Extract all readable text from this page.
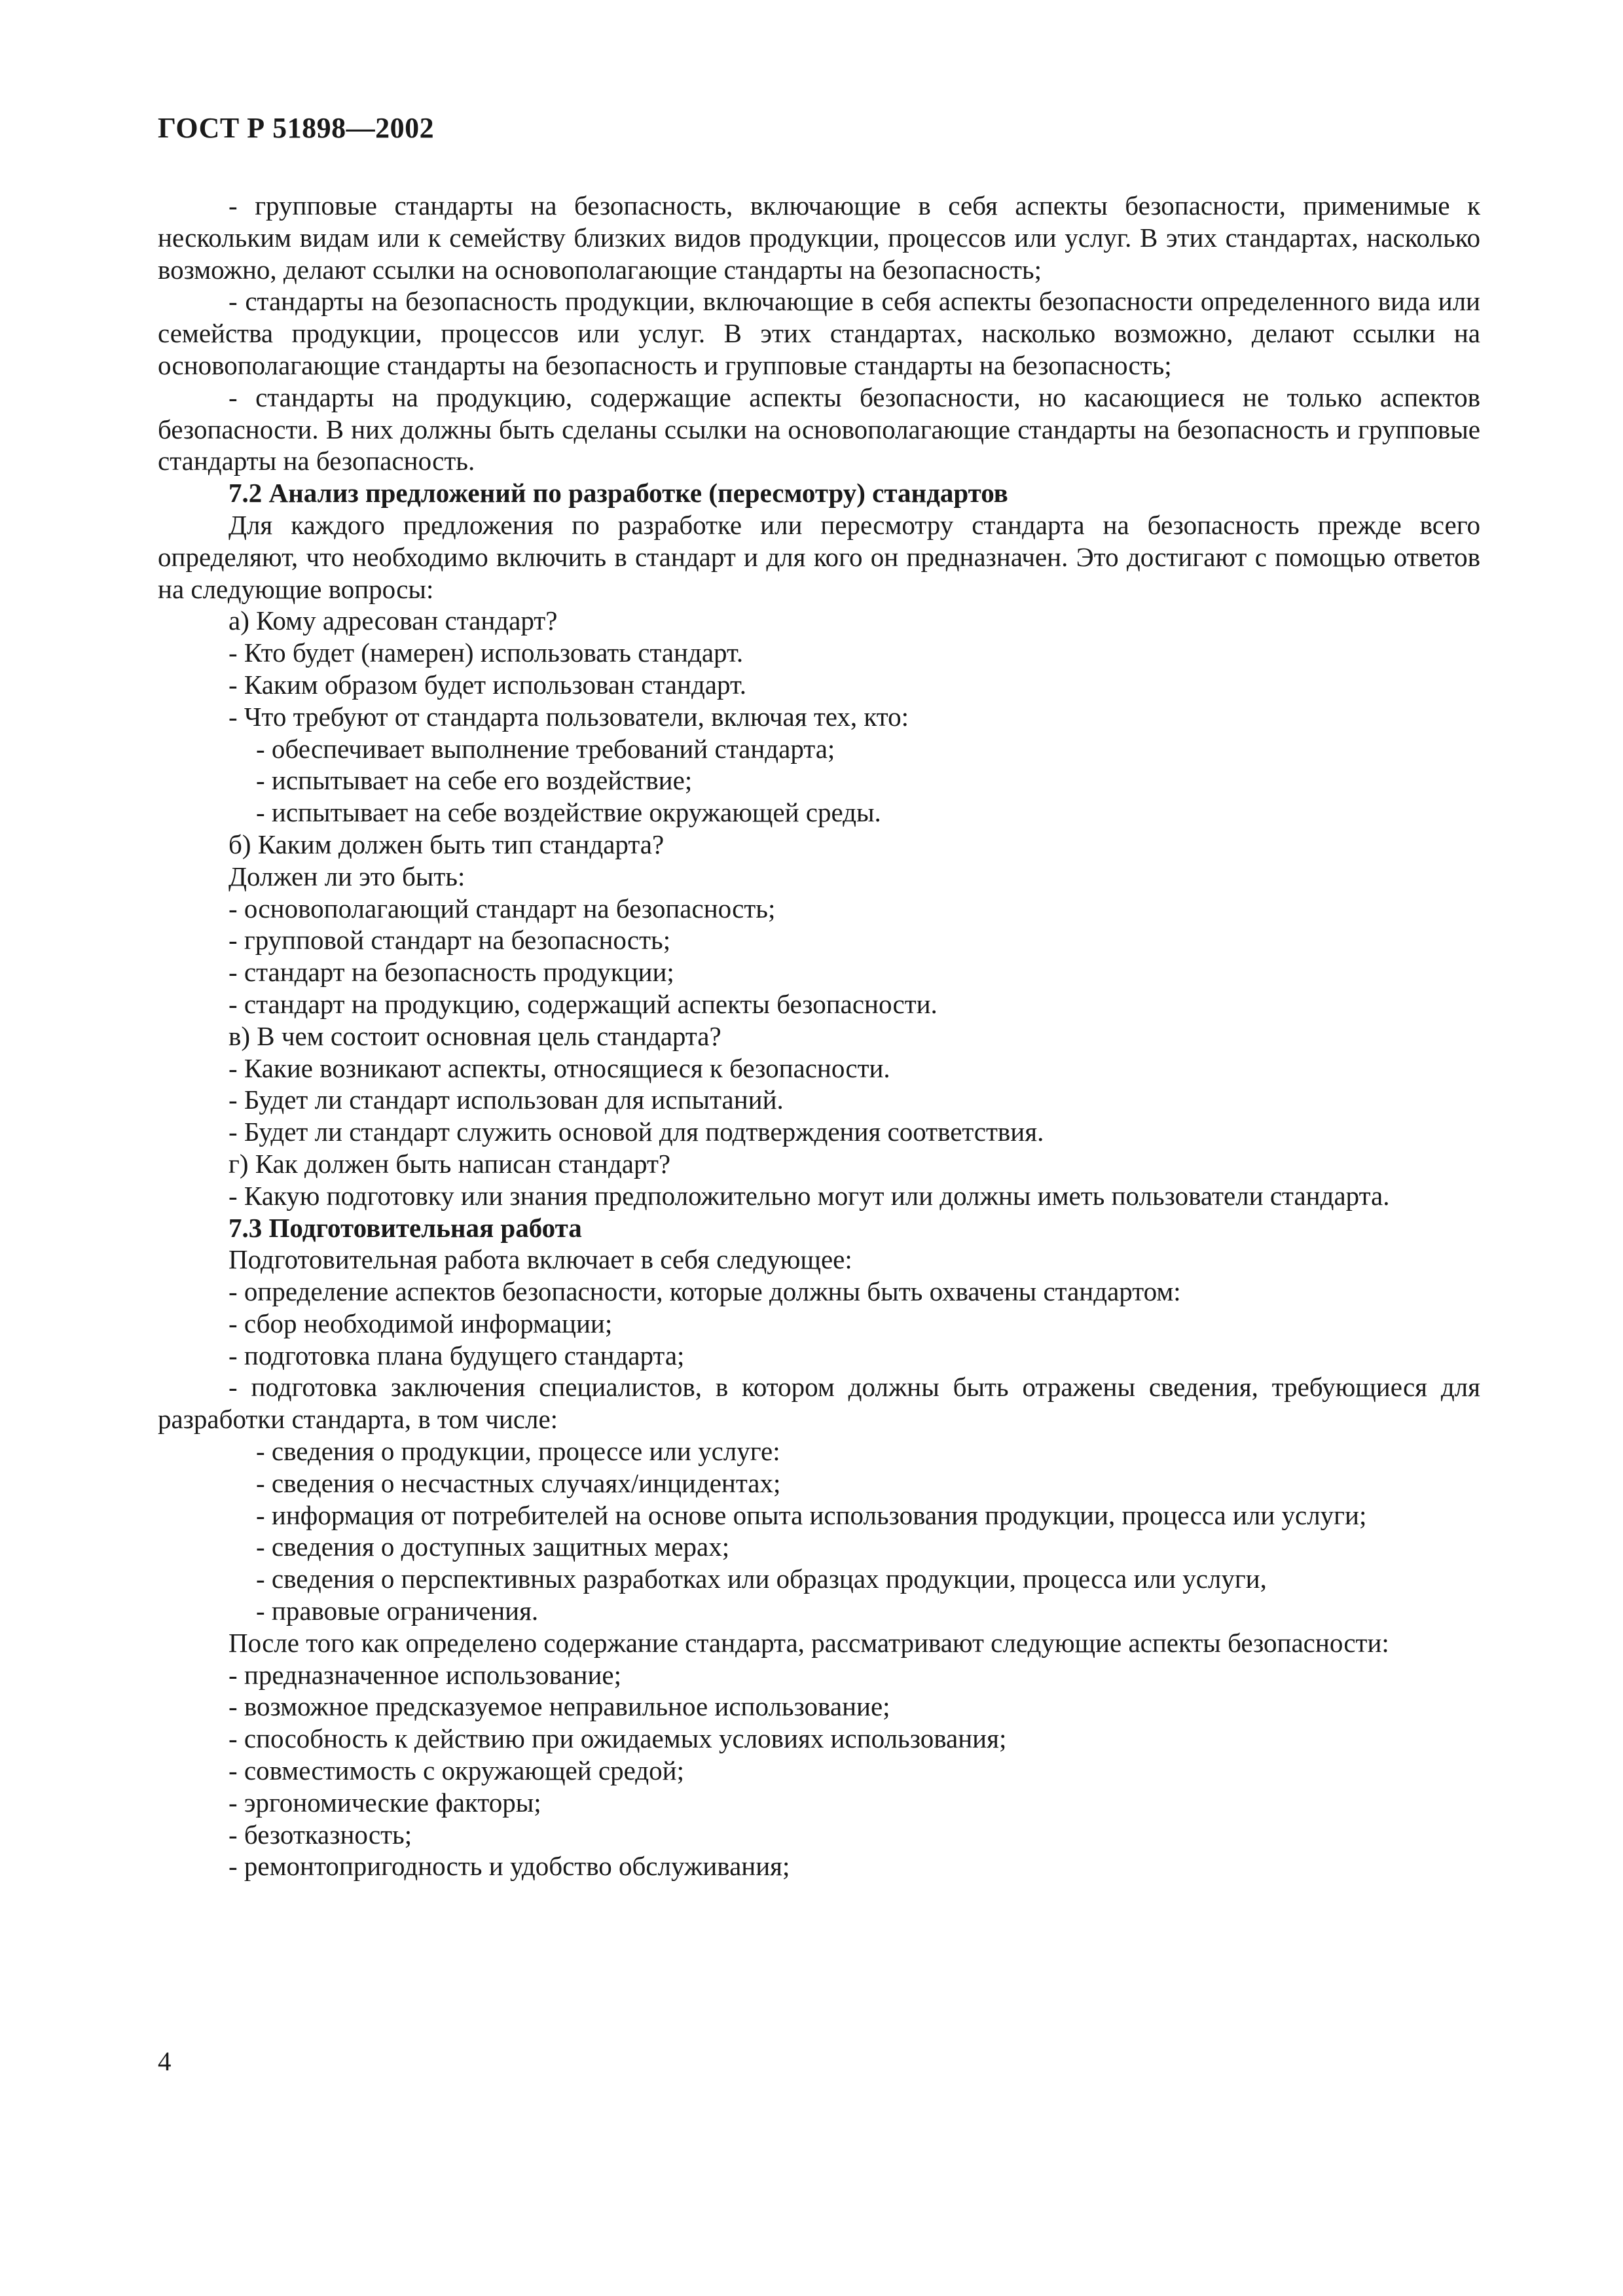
ГОСТ Р 51898—2002

- групповые стандарты на безопасность, включающие в себя аспекты безопасности, применимые к нескольким видам или к семейству близких видов продукции, процессов или услуг. В этих стандартах, насколько возможно, делают ссылки на основополагающие стандарты на безопасность;

- стандарты на безопасность продукции, включающие в себя аспекты безопасности определенного вида или семейства продукции, процессов или услуг. В этих стандартах, насколько возможно, делают ссылки на основополагающие стандарты на безопасность и групповые стандарты на безопасность;

- стандарты на продукцию, содержащие аспекты безопасности, но касающиеся не только аспектов безопасности. В них должны быть сделаны ссылки на основополагающие стандарты на безопасность и групповые стандарты на безопасность.

7.2 Анализ предложений по разработке (пересмотру) стандартов

Для каждого предложения по разработке или пересмотру стандарта на безопасность прежде всего определяют, что необходимо включить в стандарт и для кого он предназначен. Это достигают с помощью ответов на следующие вопросы:

а) Кому адресован стандарт?

- Кто будет (намерен) использовать стандарт.

- Каким образом будет использован стандарт.

- Что требуют от стандарта пользователи, включая тех, кто:

- обеспечивает выполнение требований стандарта;

- испытывает на себе его воздействие;

- испытывает на себе воздействие окружающей среды.

б) Каким должен быть тип стандарта?

Должен ли это быть:

- основополагающий стандарт на безопасность;

- групповой стандарт на безопасность;

- стандарт на безопасность продукции;

- стандарт на продукцию, содержащий аспекты безопасности.

в) В чем состоит основная цель стандарта?

- Какие возникают аспекты, относящиеся к безопасности.

- Будет ли стандарт использован для испытаний.

- Будет ли стандарт служить основой для подтверждения соответствия.

г) Как должен быть написан стандарт?

- Какую подготовку или знания предположительно могут или должны иметь пользователи стандарта.

7.3 Подготовительная работа

Подготовительная работа включает в себя следующее:

- определение аспектов безопасности, которые должны быть охвачены стандартом:

- сбор необходимой информации;

- подготовка плана будущего стандарта;

- подготовка заключения специалистов, в котором должны быть отражены сведения, требующиеся для разработки стандарта, в том числе:

- сведения о продукции, процессе или услуге:

- сведения о несчастных случаях/инцидентах;

- информация от потребителей на основе опыта использования продукции, процесса или услуги;

- сведения о доступных защитных мерах;

- сведения о перспективных разработках или образцах продукции, процесса или услуги,

- правовые ограничения.

После того как определено содержание стандарта, рассматривают следующие аспекты безопасности:

- предназначенное использование;

- возможное предсказуемое неправильное использование;

- способность к действию при ожидаемых условиях использования;

- совместимость с окружающей средой;

- эргономические факторы;

- безотказность;

- ремонтопригодность и удобство обслуживания;

4
